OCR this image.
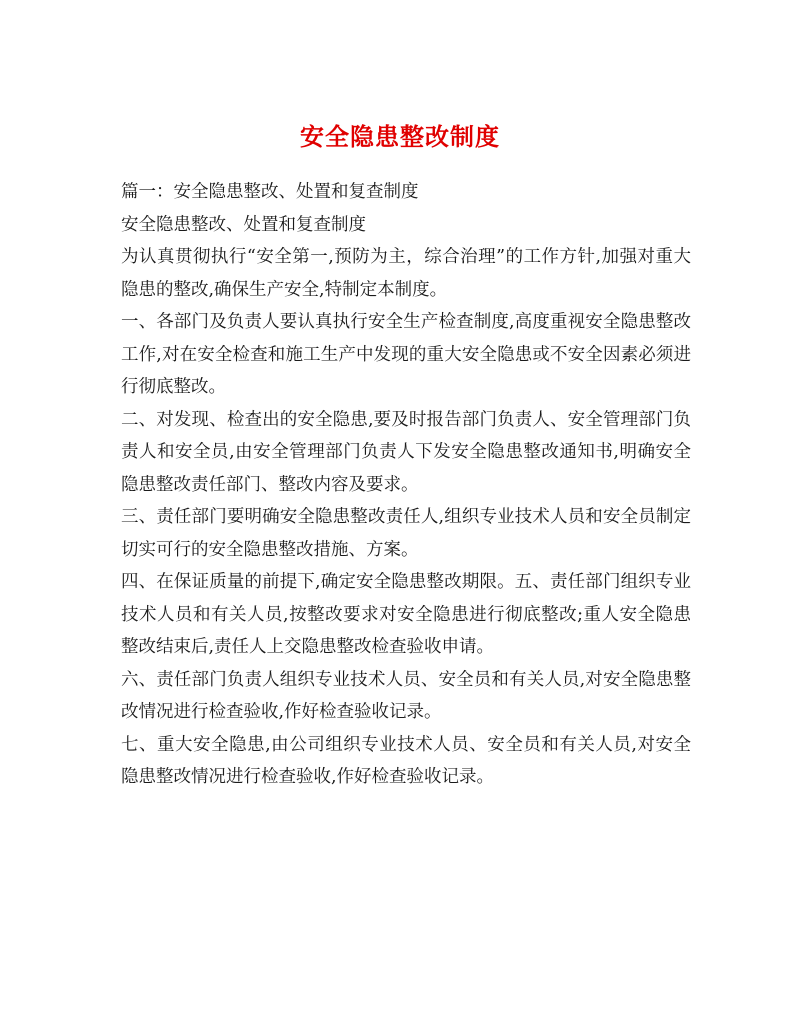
安全隐患整改制度

篇一：安全隐患整改、处置和复查制度

安全隐患整改、处置和复查制度

为认真贯彻执行“安全第一,预防为主，综合治理”的工作方针,加强对重大隐患的整改,确保生产安全,特制定本制度。

一、各部门及负责人要认真执行安全生产检查制度,高度重视安全隐患整改工作,对在安全检查和施工生产中发现的重大安全隐患或不安全因素必须进行彻底整改。

二、对发现、检查出的安全隐患,要及时报告部门负责人、安全管理部门负责人和安全员,由安全管理部门负责人下发安全隐患整改通知书,明确安全隐患整改责任部门、整改内容及要求。

三、责任部门要明确安全隐患整改责任人,组织专业技术人员和安全员制定切实可行的安全隐患整改措施、方案。

四、在保证质量的前提下,确定安全隐患整改期限。五、责任部门组织专业技术人员和有关人员,按整改要求对安全隐患进行彻底整改;重人安全隐患整改结束后,责任人上交隐患整改检查验收申请。

六、责任部门负责人组织专业技术人员、安全员和有关人员,对安全隐患整改情况进行检查验收,作好检查验收记录。

七、重大安全隐患,由公司组织专业技术人员、安全员和有关人员,对安全隐患整改情况进行检查验收,作好检查验收记录。
